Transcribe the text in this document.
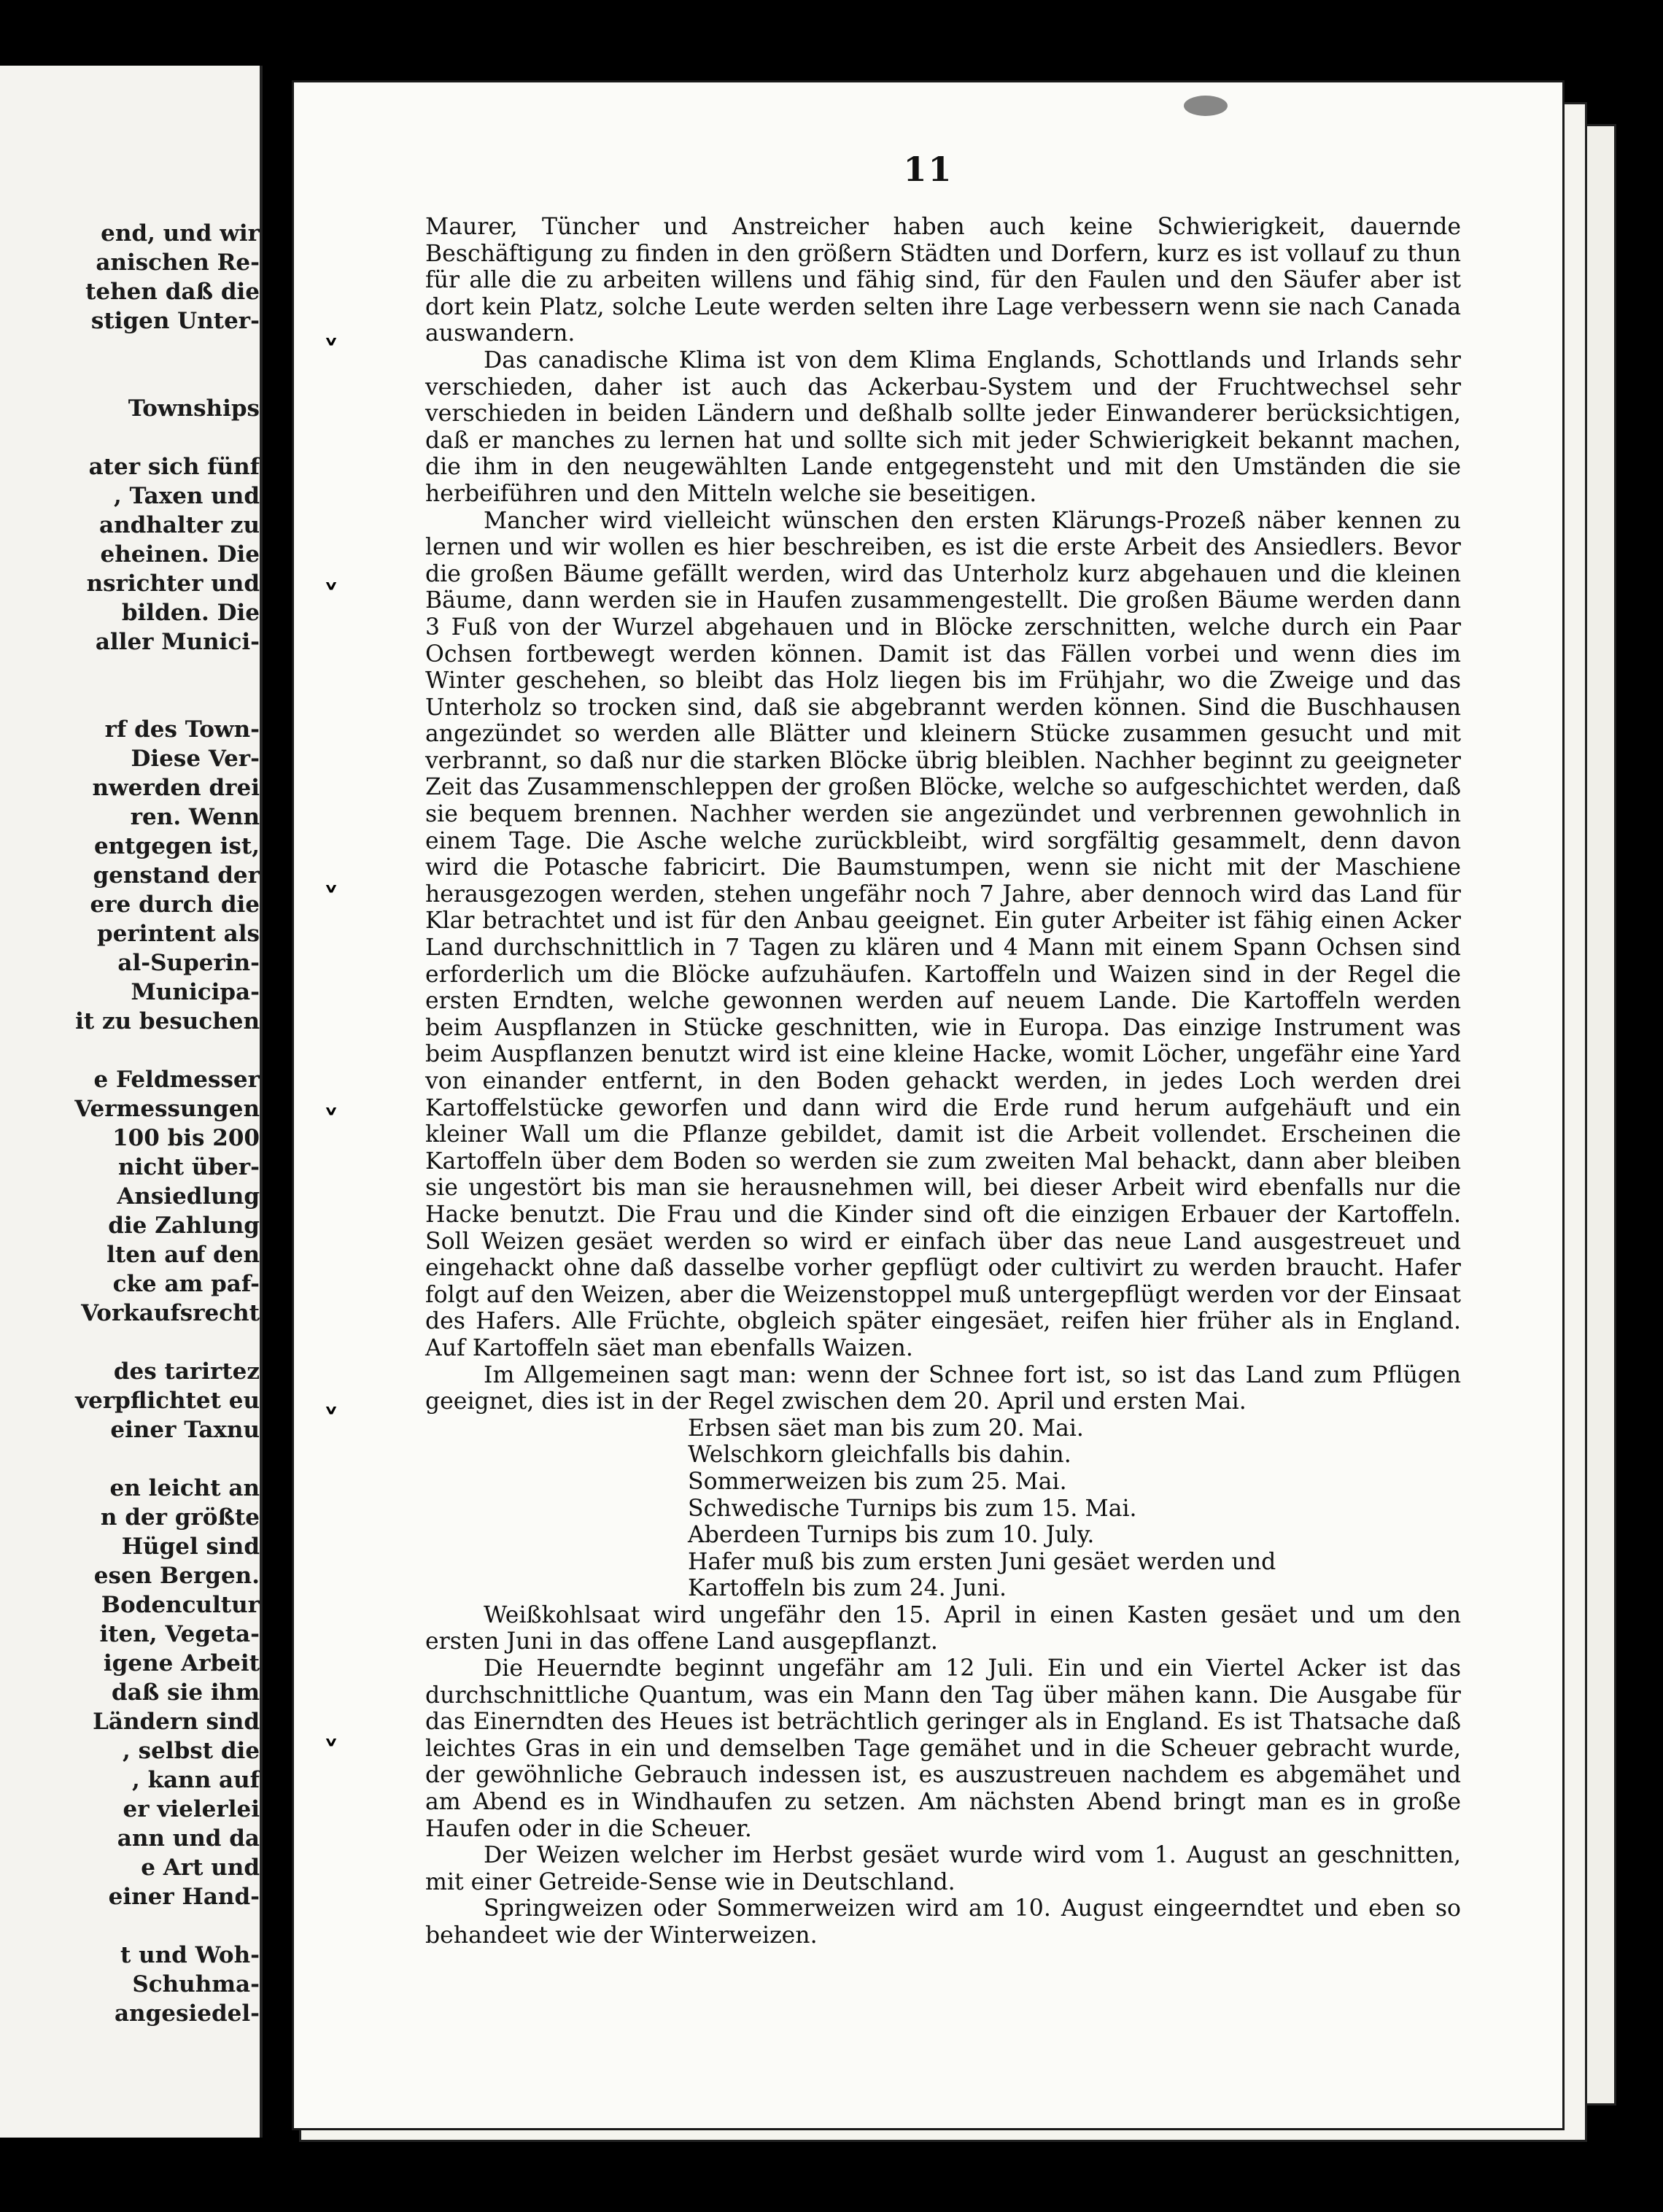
end, und wir
anischen Re-
tehen daß die
stigen Unter-
Townships
ater sich fünf
, Taxen und
andhalter zu
eheinen. Die
nsrichter und
bilden. Die
aller Munici-
rf des Town-
Diese Ver-
nwerden drei
ren. Wenn
entgegen ist,
genstand der
ere durch die
perintent als
al-Superin-
Municipa-
it zu besuchen
e Feldmesser
Vermessungen
100 bis 200
nicht über-
Ansiedlung
die Zahlung
lten auf den
cke am paf-
Vorkaufsrecht
des tarirtez
verpflichtet eu
einer Taxnu
en leicht an
n der größte
Hügel sind
esen Bergen.
Bodencultur
iten, Vegeta-
igene Arbeit
daß sie ihm
Ländern sind
, selbst die
, kann auf
er vielerlei
ann und da
e Art und
einer Hand-
t und Woh-
Schuhma-
angesiedel-
11
˅
˅
˅
˅
˅
˅

Maurer, Tüncher und Anstreicher haben auch keine Schwierigkeit, dauernde Beschäftigung zu finden in den größern Städten und Dorfern, kurz es ist vollauf zu thun für alle die zu arbeiten willens und fähig sind, für den Faulen und den Säufer aber ist dort kein Platz, solche Leute werden selten ihre Lage verbessern wenn sie nach Canada auswandern.

Das canadische Klima ist von dem Klima Englands, Schottlands und Irlands sehr verschieden, daher ist auch das Ackerbau-System und der Fruchtwechsel sehr verschieden in beiden Ländern und deßhalb sollte jeder Einwanderer berücksichtigen, daß er manches zu lernen hat und sollte sich mit jeder Schwierigkeit bekannt machen, die ihm in den neugewählten Lande entgegensteht und mit den Umständen die sie herbeiführen und den Mitteln welche sie beseitigen.

Mancher wird vielleicht wünschen den ersten Klärungs-Prozeß näber kennen zu lernen und wir wollen es hier beschreiben, es ist die erste Arbeit des Ansiedlers. Bevor die großen Bäume gefällt werden, wird das Unterholz kurz abgehauen und die kleinen Bäume, dann werden sie in Haufen zusammengestellt. Die großen Bäume werden dann 3 Fuß von der Wurzel abgehauen und in Blöcke zerschnitten, welche durch ein Paar Ochsen fortbewegt werden können. Damit ist das Fällen vorbei und wenn dies im Winter geschehen, so bleibt das Holz liegen bis im Frühjahr, wo die Zweige und das Unterholz so trocken sind, daß sie abgebrannt werden können. Sind die Buschhausen angezündet so werden alle Blätter und kleinern Stücke zusammen gesucht und mit verbrannt, so daß nur die starken Blöcke übrig bleiblen. Nachher beginnt zu geeigneter Zeit das Zusammenschleppen der großen Blöcke, welche so aufgeschichtet werden, daß sie bequem brennen. Nachher werden sie angezündet und verbrennen gewohnlich in einem Tage. Die Asche welche zurückbleibt, wird sorgfältig gesammelt, denn davon wird die Potasche fabricirt. Die Baumstumpen, wenn sie nicht mit der Maschiene herausgezogen werden, stehen ungefähr noch 7 Jahre, aber dennoch wird das Land für Klar betrachtet und ist für den Anbau geeignet. Ein guter Arbeiter ist fähig einen Acker Land durchschnittlich in 7 Tagen zu klären und 4 Mann mit einem Spann Ochsen sind erforderlich um die Blöcke aufzuhäufen. Kartoffeln und Waizen sind in der Regel die ersten Erndten, welche gewonnen werden auf neuem Lande. Die Kartoffeln werden beim Auspflanzen in Stücke geschnitten, wie in Europa. Das einzige Instrument was beim Auspflanzen benutzt wird ist eine kleine Hacke, womit Löcher, ungefähr eine Yard von einander entfernt, in den Boden gehackt werden, in jedes Loch werden drei Kartoffelstücke geworfen und dann wird die Erde rund herum aufgehäuft und ein kleiner Wall um die Pflanze gebildet, damit ist die Arbeit vollendet. Erscheinen die Kartoffeln über dem Boden so werden sie zum zweiten Mal behackt, dann aber bleiben sie ungestört bis man sie herausnehmen will, bei dieser Arbeit wird ebenfalls nur die Hacke benutzt. Die Frau und die Kinder sind oft die einzigen Erbauer der Kartoffeln. Soll Weizen gesäet werden so wird er einfach über das neue Land ausgestreuet und eingehackt ohne daß dasselbe vorher gepflügt oder cultivirt zu werden braucht. Hafer folgt auf den Weizen, aber die Weizenstoppel muß untergepflügt werden vor der Einsaat des Hafers. Alle Früchte, obgleich später eingesäet, reifen hier früher als in England. Auf Kartoffeln säet man ebenfalls Waizen.

Im Allgemeinen sagt man: wenn der Schnee fort ist, so ist das Land zum Pflügen geeignet, dies ist in der Regel zwischen dem 20. April und ersten Mai.

Erbsen säet man bis zum 20. Mai.
Welschkorn gleichfalls bis dahin.
Sommerweizen bis zum 25. Mai.
Schwedische Turnips bis zum 15. Mai.
Aberdeen Turnips bis zum 10. July.
Hafer muß bis zum ersten Juni gesäet werden und
Kartoffeln bis zum 24. Juni.

Weißkohlsaat wird ungefähr den 15. April in einen Kasten gesäet und um den ersten Juni in das offene Land ausgepflanzt.

Die Heuerndte beginnt ungefähr am 12 Juli. Ein und ein Viertel Acker ist das durchschnittliche Quantum, was ein Mann den Tag über mähen kann. Die Ausgabe für das Einerndten des Heues ist beträchtlich geringer als in England. Es ist Thatsache daß leichtes Gras in ein und demselben Tage gemähet und in die Scheuer gebracht wurde, der gewöhnliche Gebrauch indessen ist, es auszustreuen nachdem es abgemähet und am Abend es in Windhaufen zu setzen. Am nächsten Abend bringt man es in große Haufen oder in die Scheuer.

Der Weizen welcher im Herbst gesäet wurde wird vom 1. August an geschnitten, mit einer Getreide-Sense wie in Deutschland.

Springweizen oder Sommerweizen wird am 10. August eingeerndtet und eben so behandeet wie der Winterweizen.
